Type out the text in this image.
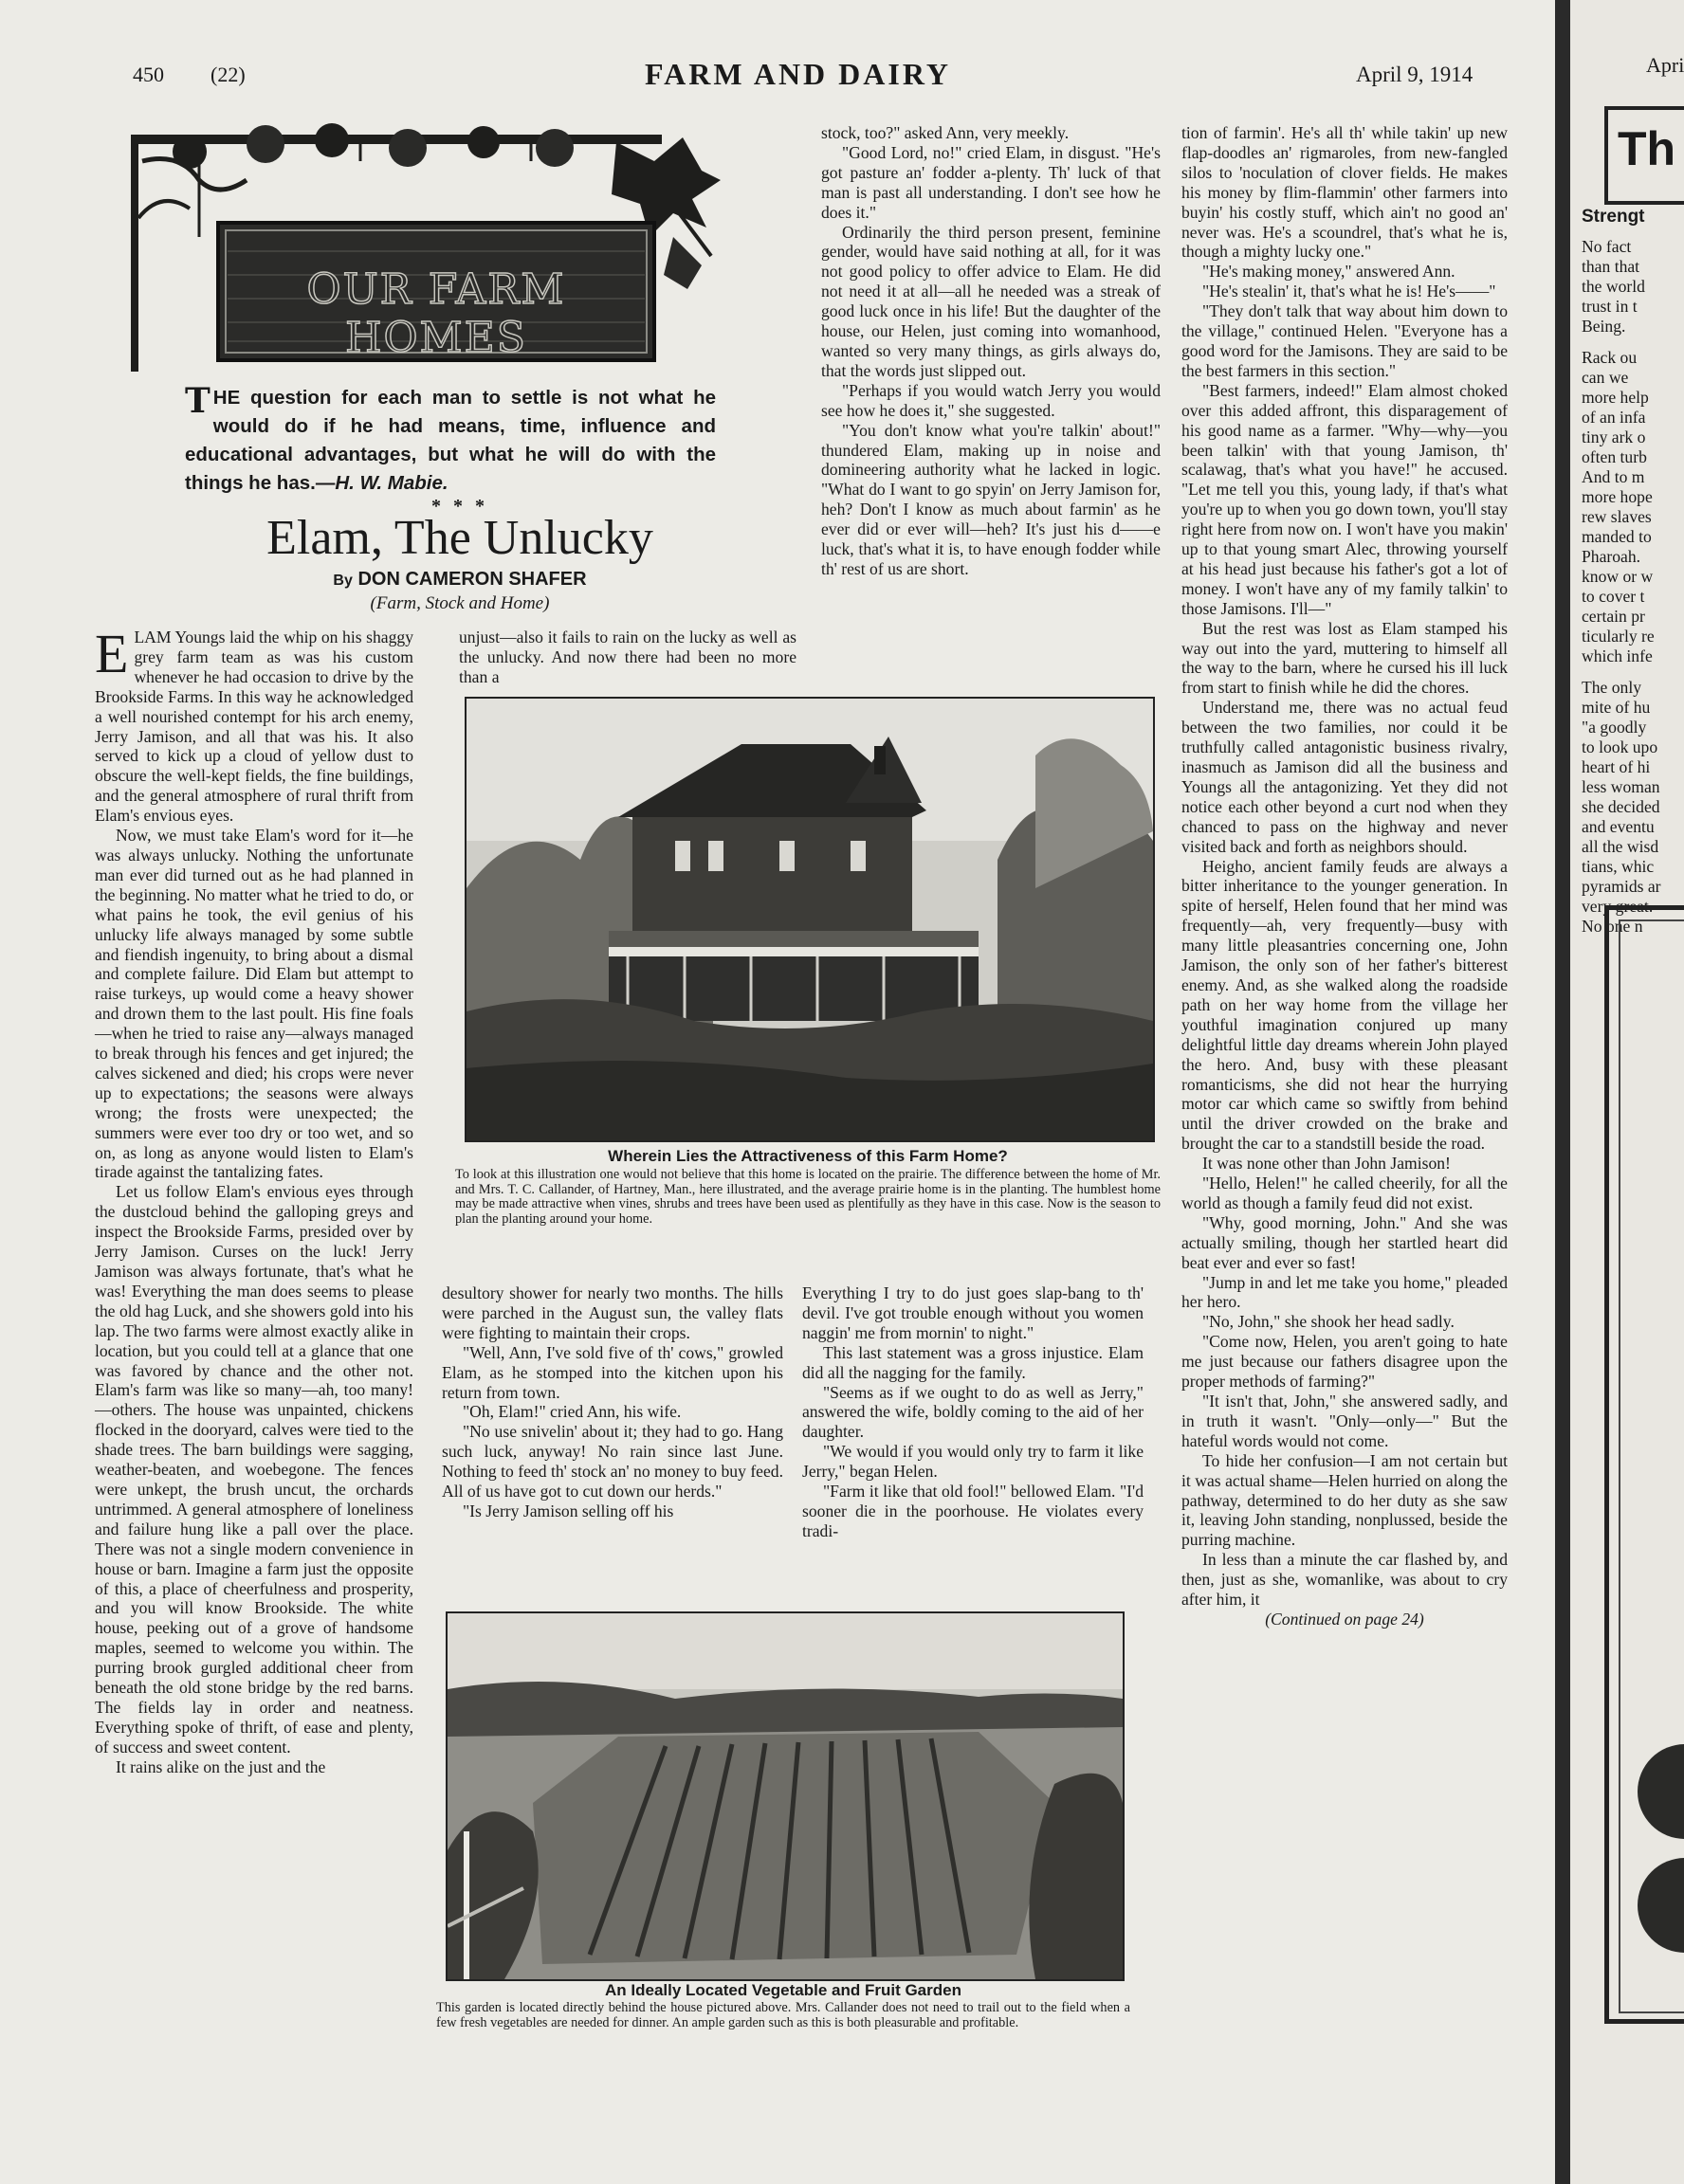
450 (22)	FARM AND DAIRY	April 9, 1914
OUR FARM HOMES
THE question for each man to settle is not what he would do if he had means, time, influence and educational advantages, but what he will do with the things he has.—H. W. Mabie.
* * *
Elam, The Unlucky
By DON CAMERON SHAFER
(Farm, Stock and Home)

ELAM Youngs laid the whip on his shaggy grey farm team as was his custom whenever he had occasion to drive by the Brookside Farms. In this way he acknowledged a well nourished contempt for his arch enemy, Jerry Jamison, and all that was his. It also served to kick up a cloud of yellow dust to obscure the well-kept fields, the fine buildings, and the general atmosphere of rural thrift from Elam's envious eyes.

Now, we must take Elam's word for it—he was always unlucky. Nothing the unfortunate man ever did turned out as he had planned in the beginning. No matter what he tried to do, or what pains he took, the evil genius of his unlucky life always managed by some subtle and fiendish ingenuity, to bring about a dismal and complete failure. Did Elam but attempt to raise turkeys, up would come a heavy shower and drown them to the last poult. His fine foals—when he tried to raise any—always managed to break through his fences and get injured; the calves sickened and died; his crops were never up to expectations; the seasons were always wrong; the frosts were unexpected; the summers were ever too dry or too wet, and so on, as long as anyone would listen to Elam's tirade against the tantalizing fates.

Let us follow Elam's envious eyes through the dustcloud behind the galloping greys and inspect the Brookside Farms, presided over by Jerry Jamison. Curses on the luck! Jerry Jamison was always fortunate, that's what he was! Everything the man does seems to please the old hag Luck, and she showers gold into his lap. The two farms were almost exactly alike in location, but you could tell at a glance that one was favored by chance and the other not. Elam's farm was like so many—ah, too many!—others. The house was unpainted, chickens flocked in the dooryard, calves were tied to the shade trees. The barn buildings were sagging, weather-beaten, and woebegone. The fences were unkept, the brush uncut, the orchards untrimmed. A general atmosphere of loneliness and failure hung like a pall over the place. There was not a single modern convenience in house or barn. Imagine a farm just the opposite of this, a place of cheerfulness and prosperity, and you will know Brookside. The white house, peeking out of a grove of handsome maples, seemed to welcome you within. The purring brook gurgled additional cheer from beneath the old stone bridge by the red barns. The fields lay in order and neatness. Everything spoke of thrift, of ease and plenty, of success and sweet content.

It rains alike on the just and the

unjust—also it fails to rain on the lucky as well as the unlucky. And now there had been no more than a

stock, too?" asked Ann, very meekly.

"Good Lord, no!" cried Elam, in disgust. "He's got pasture an' fodder a-plenty. Th' luck of that man is past all understanding. I don't see how he does it."

Ordinarily the third person present, feminine gender, would have said nothing at all, for it was not good policy to offer advice to Elam. He did not need it at all—all he needed was a streak of good luck once in his life! But the daughter of the house, our Helen, just coming into womanhood, wanted so very many things, as girls always do, that the words just slipped out.

"Perhaps if you would watch Jerry you would see how he does it," she suggested.

"You don't know what you're talkin' about!" thundered Elam, making up in noise and domineering authority what he lacked in logic. "What do I want to go spyin' on Jerry Jamison for, heh? Don't I know as much about farmin' as he ever did or ever will—heh? It's just his d——e luck, that's what it is, to have enough fodder while th' rest of us are short.

Wherein Lies the Attractiveness of this Farm Home?
To look at this illustration one would not believe that this home is located on the prairie. The difference between the home of Mr. and Mrs. T. C. Callander, of Hartney, Man., here illustrated, and the average prairie home is in the planting. The humblest home may be made attractive when vines, shrubs and trees have been used as plentifully as they have in this case. Now is the season to plan the planting around your home.

desultory shower for nearly two months. The hills were parched in the August sun, the valley flats were fighting to maintain their crops.

"Well, Ann, I've sold five of th' cows," growled Elam, as he stomped into the kitchen upon his return from town.

"Oh, Elam!" cried Ann, his wife.

"No use snivelin' about it; they had to go. Hang such luck, anyway! No rain since last June. Nothing to feed th' stock an' no money to buy feed. All of us have got to cut down our herds."

"Is Jerry Jamison selling off his

Everything I try to do just goes slap-bang to th' devil. I've got trouble enough without you women naggin' me from mornin' to night."

This last statement was a gross injustice. Elam did all the nagging for the family.

"Seems as if we ought to do as well as Jerry," answered the wife, boldly coming to the aid of her daughter.

"We would if you would only try to farm it like Jerry," began Helen.

"Farm it like that old fool!" bellowed Elam. "I'd sooner die in the poorhouse. He violates every tradi-

An Ideally Located Vegetable and Fruit Garden
This garden is located directly behind the house pictured above. Mrs. Callander does not need to trail out to the field when a few fresh vegetables are needed for dinner. An ample garden such as this is both pleasurable and profitable.

tion of farmin'. He's all th' while takin' up new flap-doodles an' rigmaroles, from new-fangled silos to 'noculation of clover fields. He makes his money by flim-flammin' other farmers into buyin' his costly stuff, which ain't no good an' never was. He's a scoundrel, that's what he is, though a mighty lucky one."

"He's making money," answered Ann.

"He's stealin' it, that's what he is! He's——"

"They don't talk that way about him down to the village," continued Helen. "Everyone has a good word for the Jamisons. They are said to be the best farmers in this section."

"Best farmers, indeed!" Elam almost choked over this added affront, this disparagement of his good name as a farmer. "Why—why—you been talkin' with that young Jamison, th' scalawag, that's what you have!" he accused. "Let me tell you this, young lady, if that's what you're up to when you go down town, you'll stay right here from now on. I won't have you makin' up to that young smart Alec, throwing yourself at his head just because his father's got a lot of money. I won't have any of my family talkin' to those Jamisons. I'll—"

But the rest was lost as Elam stamped his way out into the yard, muttering to himself all the way to the barn, where he cursed his ill luck from start to finish while he did the chores.

Understand me, there was no actual feud between the two families, nor could it be truthfully called antagonistic business rivalry, inasmuch as Jamison did all the business and Youngs all the antagonizing. Yet they did not notice each other beyond a curt nod when they chanced to pass on the highway and never visited back and forth as neighbors should.

Heigho, ancient family feuds are always a bitter inheritance to the younger generation. In spite of herself, Helen found that her mind was frequently—ah, very frequently—busy with many little pleasantries concerning one, John Jamison, the only son of her father's bitterest enemy. And, as she walked along the roadside path on her way home from the village her youthful imagination conjured up many delightful little day dreams wherein John played the hero. And, busy with these pleasant romanticisms, she did not hear the hurrying motor car which came so swiftly from behind until the driver crowded on the brake and brought the car to a standstill beside the road.

It was none other than John Jamison!

"Hello, Helen!" he called cheerily, for all the world as though a family feud did not exist.

"Why, good morning, John." And she was actually smiling, though her startled heart did beat ever and ever so fast!

"Jump in and let me take you home," pleaded her hero.

"No, John," she shook her head sadly.

"Come now, Helen, you aren't going to hate me just because our fathers disagree upon the proper methods of farming?"

"It isn't that, John," she answered sadly, and in truth it wasn't. "Only—only—" But the hateful words would not come.

To hide her confusion—I am not certain but it was actual shame—Helen hurried on along the pathway, determined to do her duty as she saw it, leaving John standing, nonplussed, beside the purring machine.

In less than a minute the car flashed by, and then, just as she, womanlike, was about to cry after him, it

(Continued on page 24)
Apri
Th
Strengt
No fact
than that
the world
trust in t
Being.
Rack ou
can we
more help
of an infa
tiny ark o
often turb
And to m
more hope
rew slaves
manded to
Pharoah.
know or w
to cover t
certain pr
ticularly re
which infe
The only
mite of hu
"a goodly
to look upo
heart of hi
less woman
she decided
and eventu
all the wisd
tians, whic
pyramids ar
very great.
No one n
